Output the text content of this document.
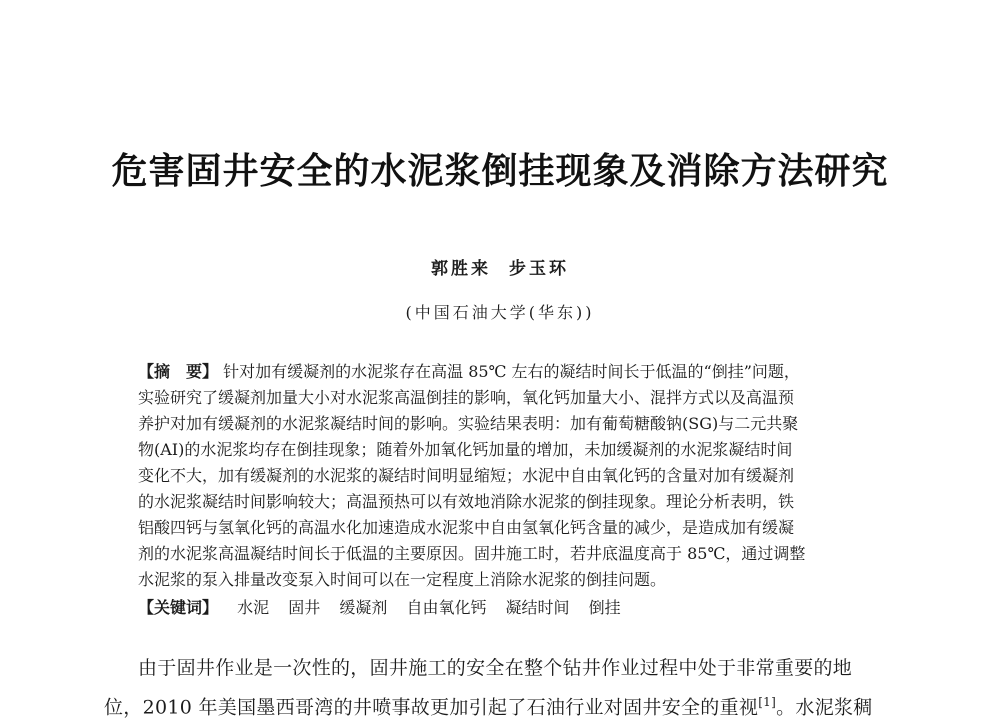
危害固井安全的水泥浆倒挂现象及消除方法研究
郭胜来 步玉环
(中国石油大学(华东))
【摘　要】 针对加有缓凝剂的水泥浆存在高温 85℃ 左右的凝结时间长于低温的“倒挂”问题，
实验研究了缓凝剂加量大小对水泥浆高温倒挂的影响，氧化钙加量大小、混拌方式以及高温预
养护对加有缓凝剂的水泥浆凝结时间的影响。实验结果表明：加有葡萄糖酸钠(SG)与二元共聚
物(AI)的水泥浆均存在倒挂现象；随着外加氧化钙加量的增加，未加缓凝剂的水泥浆凝结时间
变化不大，加有缓凝剂的水泥浆的凝结时间明显缩短；水泥中自由氧化钙的含量对加有缓凝剂
的水泥浆凝结时间影响较大；高温预热可以有效地消除水泥浆的倒挂现象。理论分析表明，铁
铝酸四钙与氢氧化钙的高温水化加速造成水泥浆中自由氢氧化钙含量的减少，是造成加有缓凝
剂的水泥浆高温凝结时间长于低温的主要原因。固井施工时，若井底温度高于 85℃，通过调整
水泥浆的泵入排量改变泵入时间可以在一定程度上消除水泥浆的倒挂问题。
【关键词】 水泥 固井 缓凝剂 自由氧化钙 凝结时间 倒挂
由于固井作业是一次性的，固井施工的安全在整个钻井作业过程中处于非常重要的地
位，2010 年美国墨西哥湾的井喷事故更加引起了石油行业对固井安全的重视[1]。水泥浆稠
